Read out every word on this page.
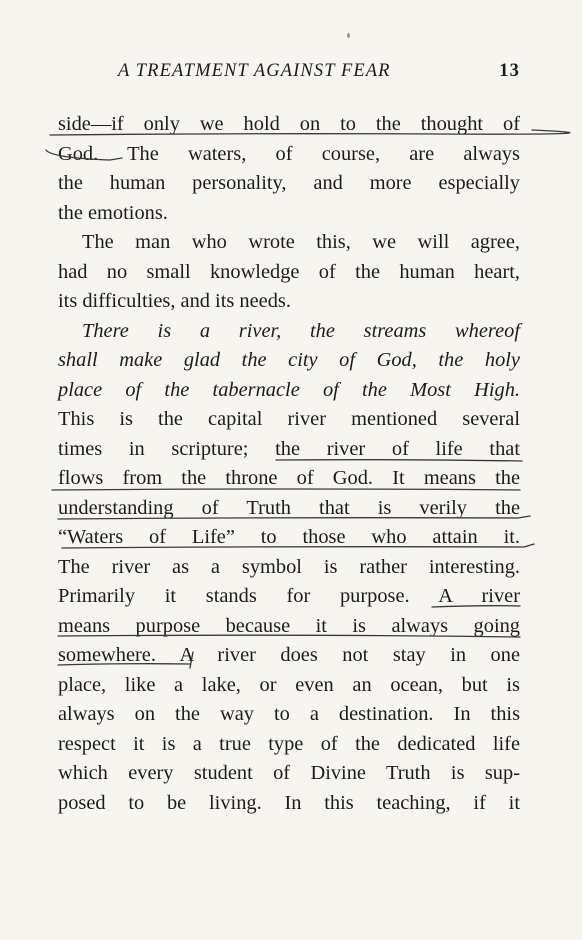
A TREATMENT AGAINST FEAR	13
side—if only we hold on to the thought of
God. The waters, of course, are always
the human personality, and more especially
the emotions.
The man who wrote this, we will agree,
had no small knowledge of the human heart,
its difficulties, and its needs.
There is a river, the streams whereof
shall make glad the city of God, the holy
place of the tabernacle of the Most High.
This is the capital river mentioned several
times in scripture; the river of life that
flows from the throne of God. It means the
understanding of Truth that is verily the
“Waters of Life” to those who attain it.
The river as a symbol is rather interesting.
Primarily it stands for purpose. A river
means purpose because it is always going
somewhere. A river does not stay in one
place, like a lake, or even an ocean, but is
always on the way to a destination. In this
respect it is a true type of the dedicated life
which every student of Divine Truth is sup-
posed to be living. In this teaching, if it
